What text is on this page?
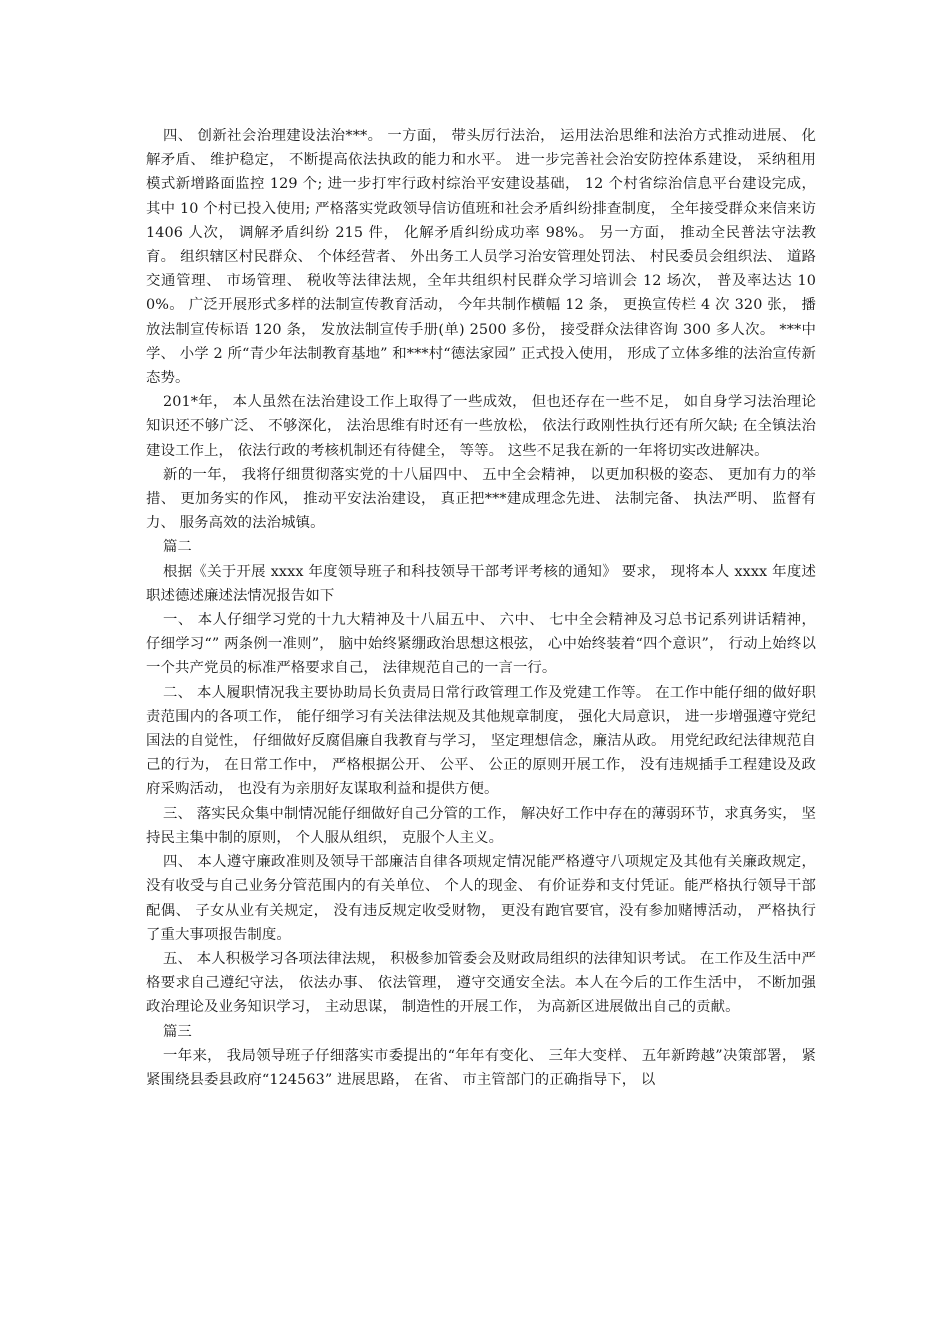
四、 创新社会治理建设法治***。 一方面， 带头厉行法治， 运用法治思维和法治方式推动进展、 化解矛盾、 维护稳定， 不断提高依法执政的能力和水平。 进一步完善社会治安防控体系建设， 采纳租用模式新增路面监控 129 个; 进一步打牢行政村综治平安建设基础， 12 个村省综治信息平台建设完成， 其中 10 个村已投入使用; 严格落实党政领导信访值班和社会矛盾纠纷排查制度， 全年接受群众来信来访 1406 人次， 调解矛盾纠纷 215 件， 化解矛盾纠纷成功率 98%。 另一方面， 推动全民普法守法教育。 组织辖区村民群众、 个体经营者、 外出务工人员学习治安管理处罚法、 村民委员会组织法、 道路交通管理、 市场管理、 税收等法律法规，全年共组织村民群众学习培训会 12 场次， 普及率达达 100%。 广泛开展形式多样的法制宣传教育活动， 今年共制作横幅 12 条， 更换宣传栏 4 次 320 张， 播放法制宣传标语 120 条， 发放法制宣传手册(单) 2500 多份， 接受群众法律咨询 300 多人次。 ***中学、 小学 2 所“青少年法制教育基地” 和***村“德法家园” 正式投入使用， 形成了立体多维的法治宣传新态势。

201*年， 本人虽然在法治建设工作上取得了一些成效， 但也还存在一些不足， 如自身学习法治理论知识还不够广泛、 不够深化， 法治思维有时还有一些放松， 依法行政刚性执行还有所欠缺; 在全镇法治建设工作上， 依法行政的考核机制还有待健全， 等等。 这些不足我在新的一年将切实改进解决。

新的一年， 我将仔细贯彻落实党的十八届四中、 五中全会精神， 以更加积极的姿态、 更加有力的举措、 更加务实的作风， 推动平安法治建设， 真正把***建成理念先进、 法制完备、 执法严明、 监督有力、 服务高效的法治城镇。

篇二

根据《关于开展 xxxx 年度领导班子和科技领导干部考评考核的通知》 要求， 现将本人 xxxx 年度述职述德述廉述法情况报告如下

一、 本人仔细学习党的十九大精神及十八届五中、 六中、 七中全会精神及习总书记系列讲话精神， 仔细学习“” 两条例一准则”， 脑中始终紧绷政治思想这根弦， 心中始终装着“四个意识”， 行动上始终以一个共产党员的标准严格要求自己， 法律规范自己的一言一行。

二、 本人履职情况我主要协助局长负责局日常行政管理工作及党建工作等。 在工作中能仔细的做好职责范围内的各项工作， 能仔细学习有关法律法规及其他规章制度， 强化大局意识， 进一步增强遵守党纪国法的自觉性， 仔细做好反腐倡廉自我教育与学习， 坚定理想信念，廉洁从政。 用党纪政纪法律规范自己的行为， 在日常工作中， 严格根据公开、 公平、 公正的原则开展工作， 没有违规插手工程建设及政府采购活动， 也没有为亲朋好友谋取利益和提供方便。

三、 落实民众集中制情况能仔细做好自己分管的工作， 解决好工作中存在的薄弱环节，求真务实， 坚持民主集中制的原则， 个人服从组织， 克服个人主义。

四、 本人遵守廉政准则及领导干部廉洁自律各项规定情况能严格遵守八项规定及其他有关廉政规定， 没有收受与自己业务分管范围内的有关单位、 个人的现金、 有价证券和支付凭证。能严格执行领导干部配偶、 子女从业有关规定， 没有违反规定收受财物， 更没有跑官要官，没有参加赌博活动， 严格执行了重大事项报告制度。

五、 本人积极学习各项法律法规， 积极参加管委会及财政局组织的法律知识考试。 在工作及生活中严格要求自己遵纪守法， 依法办事、 依法管理， 遵守交通安全法。本人在今后的工作生活中， 不断加强政治理论及业务知识学习， 主动思谋， 制造性的开展工作， 为高新区进展做出自己的贡献。

篇三

一年来， 我局领导班子仔细落实市委提出的“年年有变化、 三年大变样、 五年新跨越”决策部署， 紧紧围绕县委县政府“124563” 进展思路， 在省、 市主管部门的正确指导下， 以
